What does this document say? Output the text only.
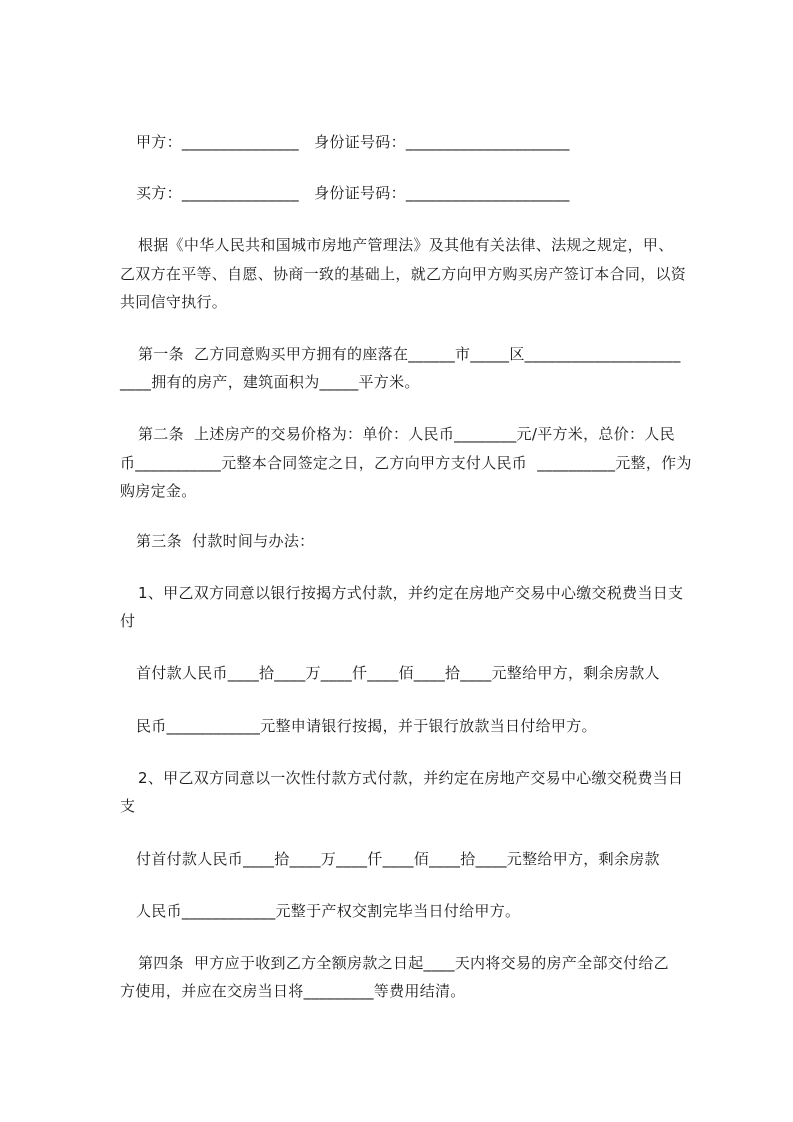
甲方：_______________   身份证号码：_____________________
买方：_______________   身份证号码：_____________________
根据《中华人民共和国城市房地产管理法》及其他有关法律、法规之规定，甲、
乙双方在平等、自愿、协商一致的基础上，就乙方向甲方购买房产签订本合同，以资
共同信守执行。
第一条  乙方同意购买甲方拥有的座落在______市_____区____________________
____拥有的房产，建筑面积为_____平方米。
第二条  上述房产的交易价格为：单价：人民币________元/平方米，总价：人民
币___________元整本合同签定之日，乙方向甲方支付人民币  __________元整，作为
购房定金。
第三条  付款时间与办法：
1、甲乙双方同意以银行按揭方式付款，并约定在房地产交易中心缴交税费当日支
付
首付款人民币____拾____万____仟____佰____拾____元整给甲方，剩余房款人
民币____________元整申请银行按揭，并于银行放款当日付给甲方。
2、甲乙双方同意以一次性付款方式付款，并约定在房地产交易中心缴交税费当日
支
付首付款人民币____拾____万____仟____佰____拾____元整给甲方，剩余房款
人民币____________元整于产权交割完毕当日付给甲方。
第四条  甲方应于收到乙方全额房款之日起____天内将交易的房产全部交付给乙
方使用，并应在交房当日将_________等费用结清。
